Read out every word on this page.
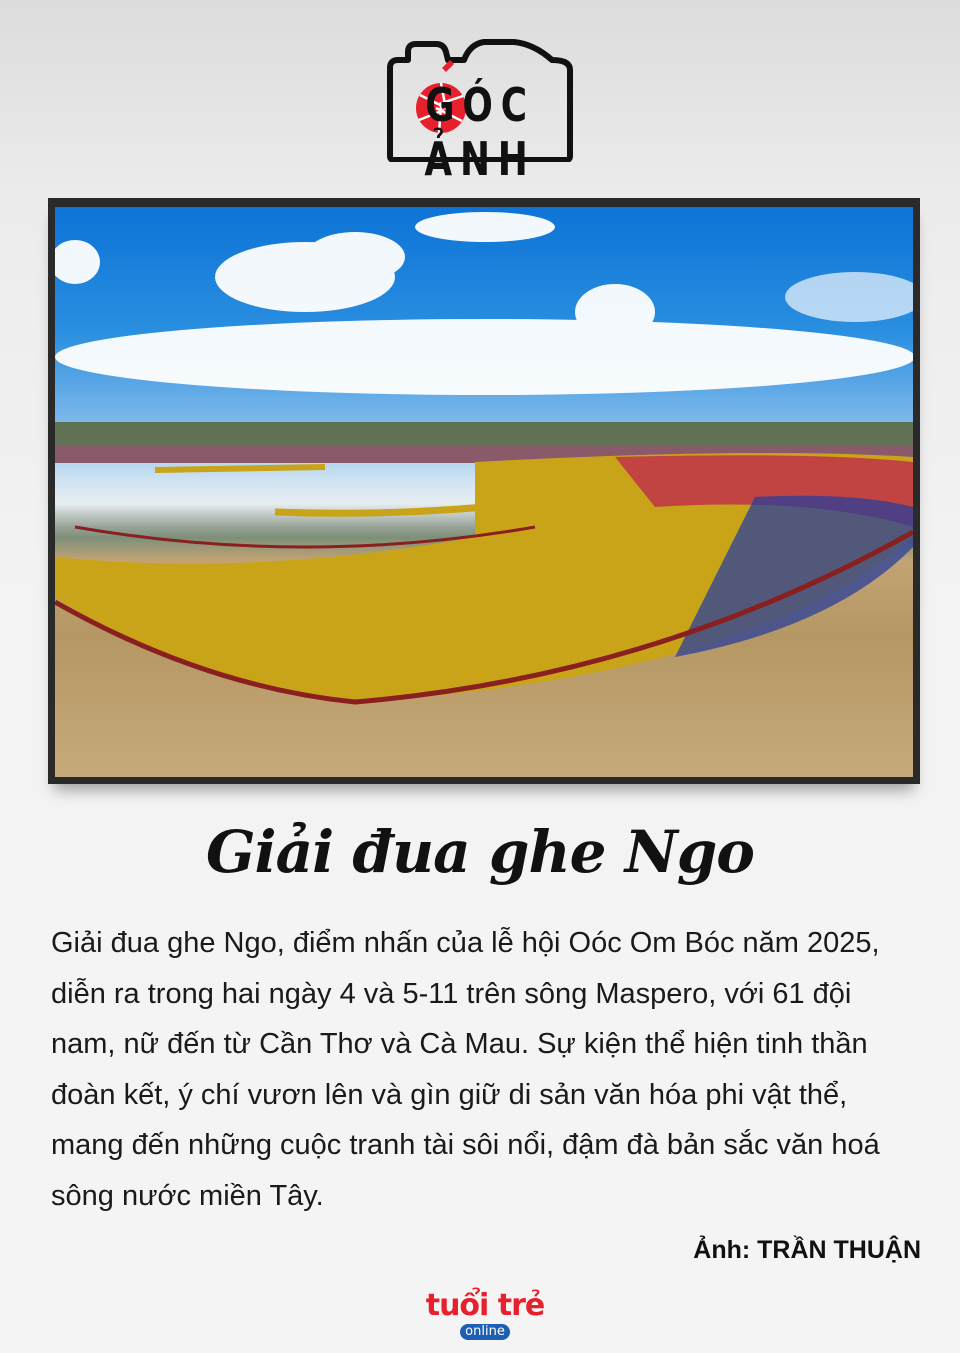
GÓC ẢNH
Giải đua ghe Ngo
Giải đua ghe Ngo, điểm nhấn của lễ hội Oóc Om Bóc năm 2025, diễn ra trong hai ngày 4 và 5-11 trên sông Maspero, với 61 đội nam, nữ đến từ Cần Thơ và Cà Mau. Sự kiện thể hiện tinh thần đoàn kết, ý chí vươn lên và gìn giữ di sản văn hóa phi vật thể, mang đến những cuộc tranh tài sôi nổi, đậm đà bản sắc văn hoá sông nước miền Tây.
Ảnh: TRẦN THUẬN
tuổi trẻ
online
